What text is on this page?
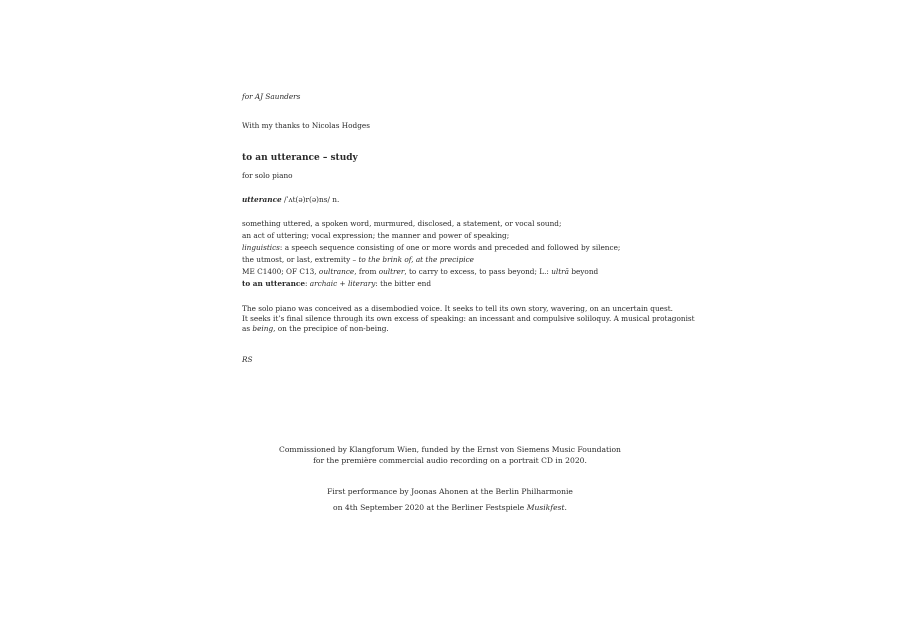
for AJ Saunders
With my thanks to Nicolas Hodges
to an utterance – study
for solo piano
utterance /ˈʌt(ə)r(ə)ns/ n.
something uttered, a spoken word, murmured, disclosed, a statement, or vocal sound;
an act of uttering; vocal expression; the manner and power of speaking;
linguistics: a speech sequence consisting of one or more words and preceded and followed by silence;
the utmost, or last, extremity – to the brink of, at the precipice
ME C1400; OF C13, oultrance, from oultrer, to carry to excess, to pass beyond; L.: ultrā beyond
to an utterance: archaic + literary: the bitter end
The solo piano was conceived as a disembodied voice. It seeks to tell its own story, wavering, on an uncertain quest.
It seeks it’s final silence through its own excess of speaking: an incessant and compulsive soliloquy. A musical protagonist
as being, on the precipice of non-being.
RS
Commissioned by Klangforum Wien, funded by the Ernst von Siemens Music Foundation
for the première commercial audio recording on a portrait CD in 2020.
First performance by Joonas Ahonen at the Berlin Philharmonie
on 4th September 2020 at the Berliner Festspiele Musikfest.
